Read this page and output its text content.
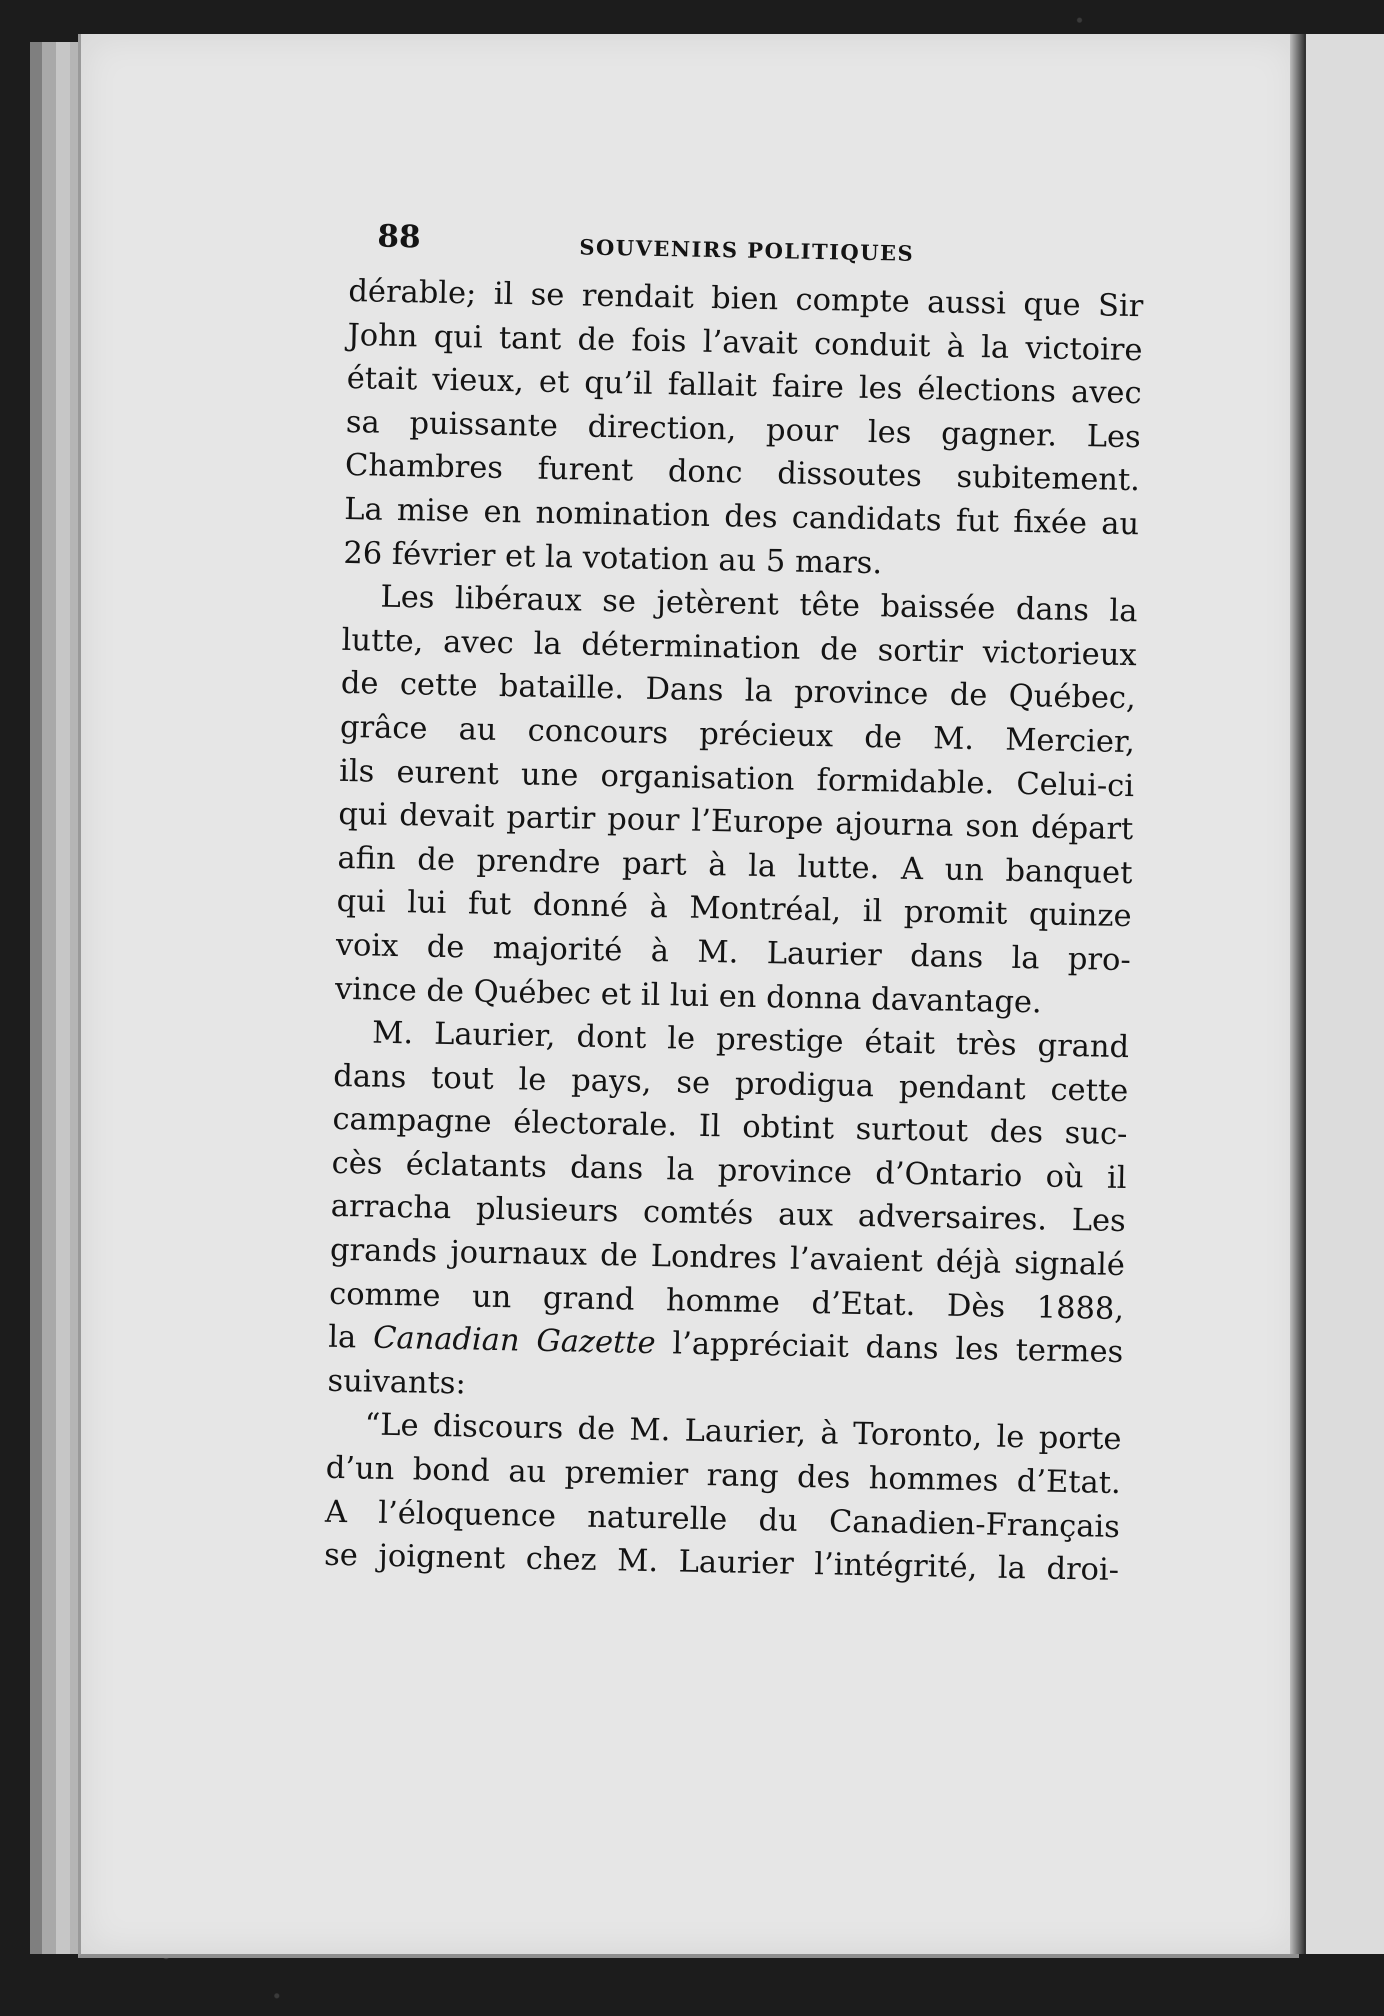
88	SOUVENIRS POLITIQUES

dérable; il se rendait bien compte aussi que Sir
John qui tant de fois l’avait conduit à la victoire
était vieux, et qu’il fallait faire les élections avec
sa puissante direction, pour les gagner. Les
Chambres furent donc dissoutes subitement.
La mise en nomination des candidats fut fixée au
26 février et la votation au 5 mars.

Les libéraux se jetèrent tête baissée dans la
lutte, avec la détermination de sortir victorieux
de cette bataille. Dans la province de Québec,
grâce au concours précieux de M. Mercier,
ils eurent une organisation formidable. Celui-ci
qui devait partir pour l’Europe ajourna son départ
afin de prendre part à la lutte. A un banquet
qui lui fut donné à Montréal, il promit quinze
voix de majorité à M. Laurier dans la pro-
vince de Québec et il lui en donna davantage.

M. Laurier, dont le prestige était très grand
dans tout le pays, se prodigua pendant cette
campagne électorale. Il obtint surtout des suc-
cès éclatants dans la province d’Ontario où il
arracha plusieurs comtés aux adversaires. Les
grands journaux de Londres l’avaient déjà signalé
comme un grand homme d’Etat. Dès 1888,
la Canadian Gazette l’appréciait dans les termes
suivants:

“Le discours de M. Laurier, à Toronto, le porte
d’un bond au premier rang des hommes d’Etat.
A l’éloquence naturelle du Canadien-Français
se joignent chez M. Laurier l’intégrité, la droi-
